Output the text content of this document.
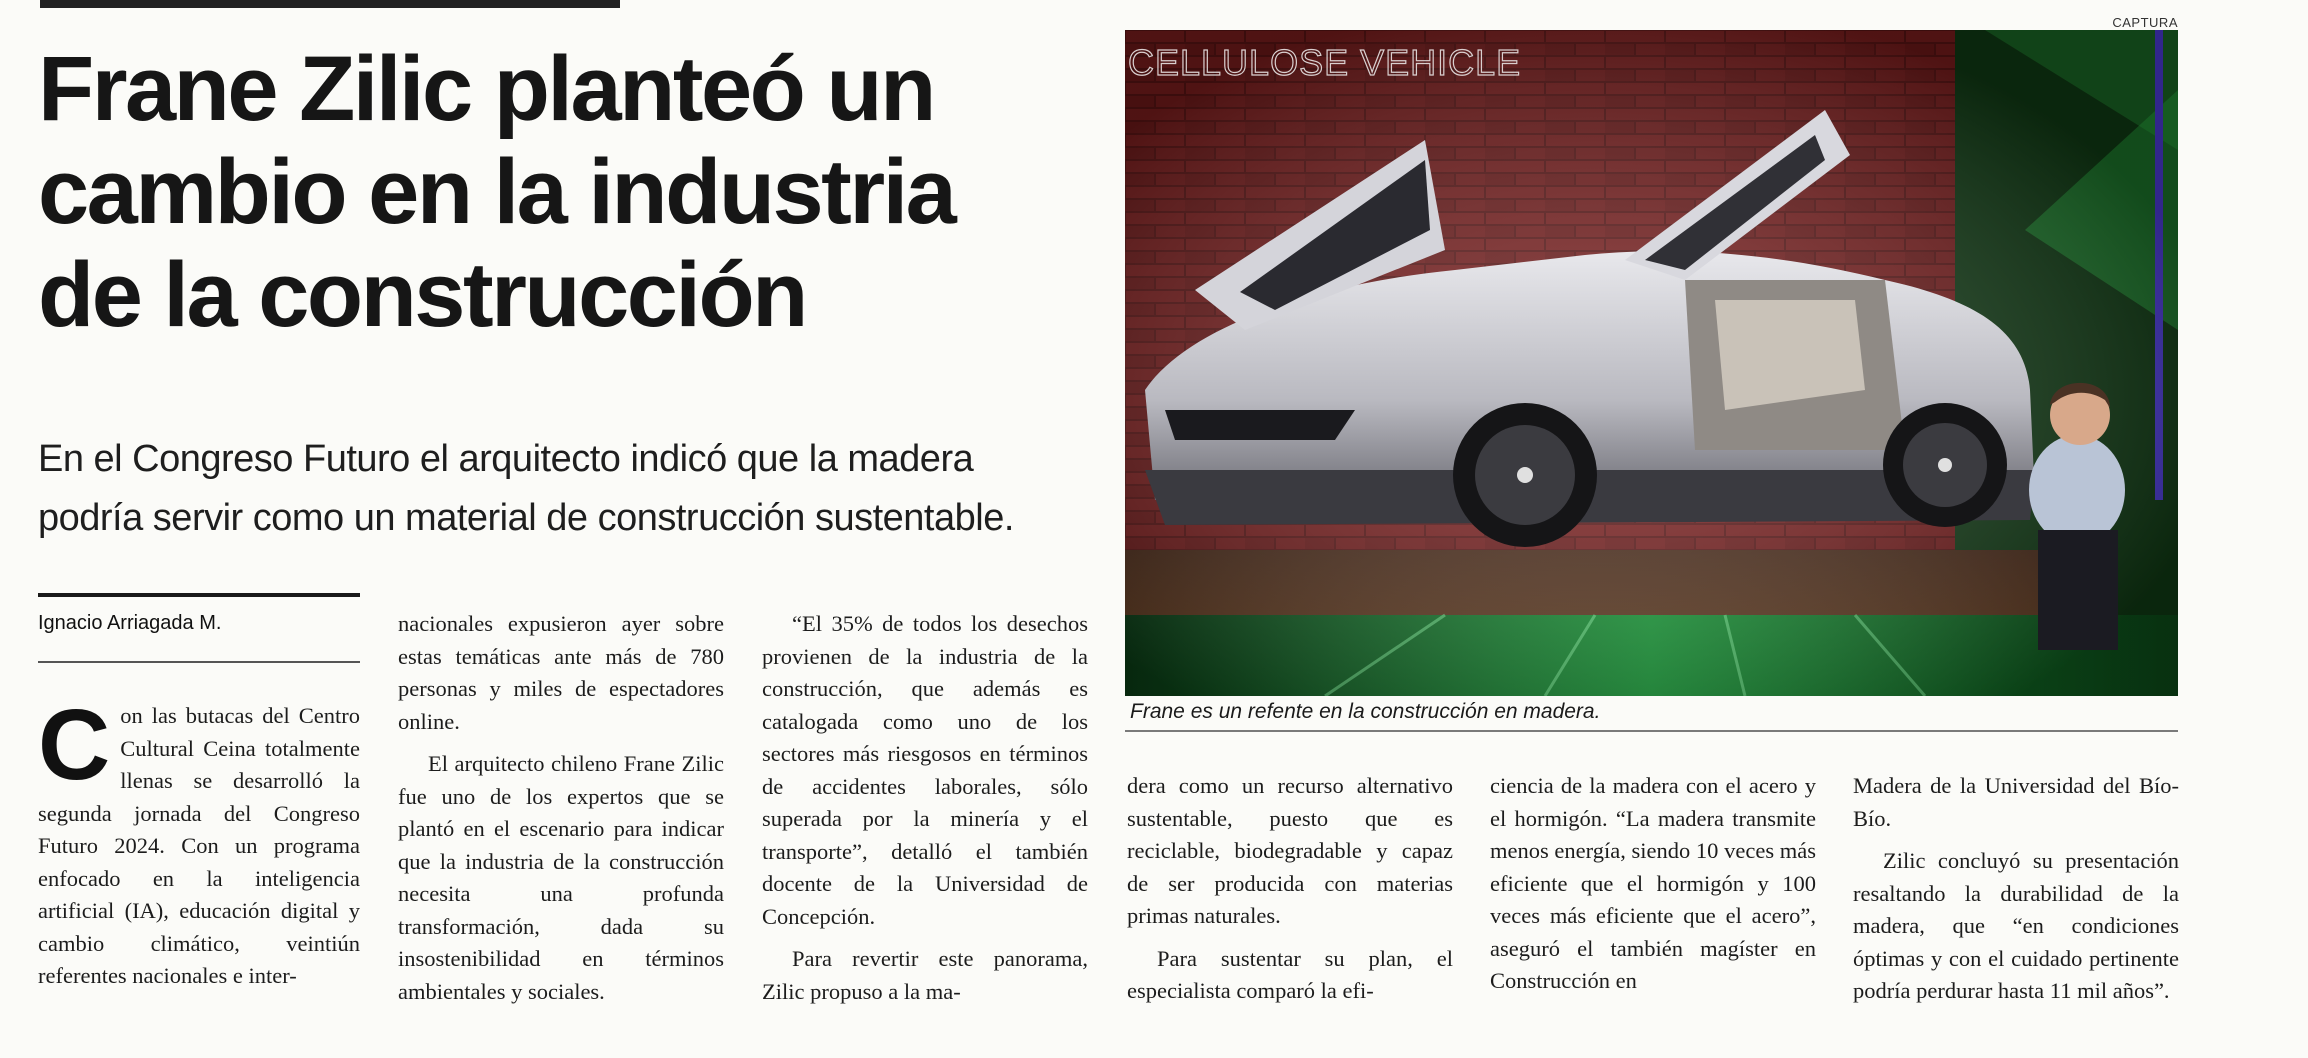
Frane Zilic planteó un cambio en la industria de la construcción

En el Congreso Futuro el arquitecto indicó que la madera podría servir como un material de construcción sustentable.

Ignacio Arriagada M.

Con las butacas del Centro Cultural Ceina totalmente llenas se desarrolló la segunda jornada del Congreso Futuro 2024. Con un programa enfocado en la inteligencia artificial (IA), educación digital y cambio climático, veintiún referentes nacionales e inter-

nacionales expusieron ayer sobre estas temáticas ante más de 780 personas y miles de espectadores online.

El arquitecto chileno Frane Zilic fue uno de los expertos que se plantó en el escenario para indicar que la industria de la construcción necesita una profunda transformación, dada su insostenibilidad en términos ambientales y sociales.

“El 35% de todos los desechos provienen de la industria de la construcción, que además es catalogada como uno de los sectores más riesgosos en términos de accidentes laborales, sólo superada por la minería y el transporte”, detalló el también docente de la Universidad de Concepción.

Para revertir este panorama, Zilic propuso a la ma-

dera como un recurso alternativo sustentable, puesto que es reciclable, biodegradable y capaz de ser producida con materias primas naturales.

Para sustentar su plan, el especialista comparó la efi-

ciencia de la madera con el acero y el hormigón. “La madera transmite menos energía, siendo 10 veces más eficiente que el hormigón y 100 veces más eficiente que el acero”, aseguró el también magíster en Construcción en

Madera de la Universidad del Bío-Bío.

Zilic concluyó su presentación resaltando la durabilidad de la madera, que “en condiciones óptimas y con el cuidado pertinente podría perdurar hasta 11 mil años”.

CAPTURA
CELLULOSE VEHICLE
Frane es un refente en la construcción en madera.
